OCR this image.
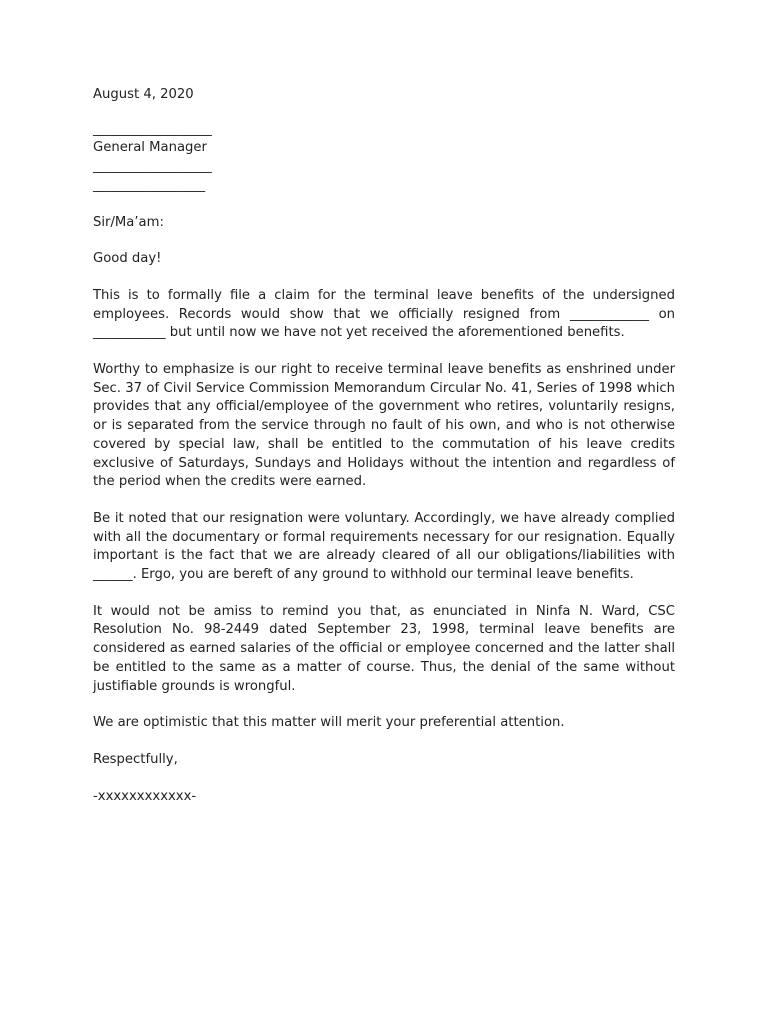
August 4, 2020
__________________
General Manager
__________________
_________________
Sir/Ma’am:
Good day!

This is to formally file a claim for the terminal leave benefits of the undersigned employees. Records would show that we officially resigned from ____________ on ___________ but until now we have not yet received the aforementioned benefits.

Worthy to emphasize is our right to receive terminal leave benefits as enshrined under Sec. 37 of Civil Service Commission Memorandum Circular No. 41, Series of 1998 which provides that any official/employee of the government who retires, voluntarily resigns, or is separated from the service through no fault of his own, and who is not otherwise covered by special law, shall be entitled to the commutation of his leave credits exclusive of Saturdays, Sundays and Holidays without the intention and regardless of the period when the credits were earned.

Be it noted that our resignation were voluntary. Accordingly, we have already complied with all the documentary or formal requirements necessary for our resignation. Equally important is the fact that we are already cleared of all our obligations/liabilities with ______. Ergo, you are bereft of any ground to withhold our terminal leave benefits.

It would not be amiss to remind you that, as enunciated in Ninfa N. Ward, CSC Resolution No. 98-2449 dated September 23, 1998, terminal leave benefits are considered as earned salaries of the official or employee concerned and the latter shall be entitled to the same as a matter of course. Thus, the denial of the same without justifiable grounds is wrongful.

We are optimistic that this matter will merit your preferential attention.
Respectfully,
-xxxxxxxxxxxx-
